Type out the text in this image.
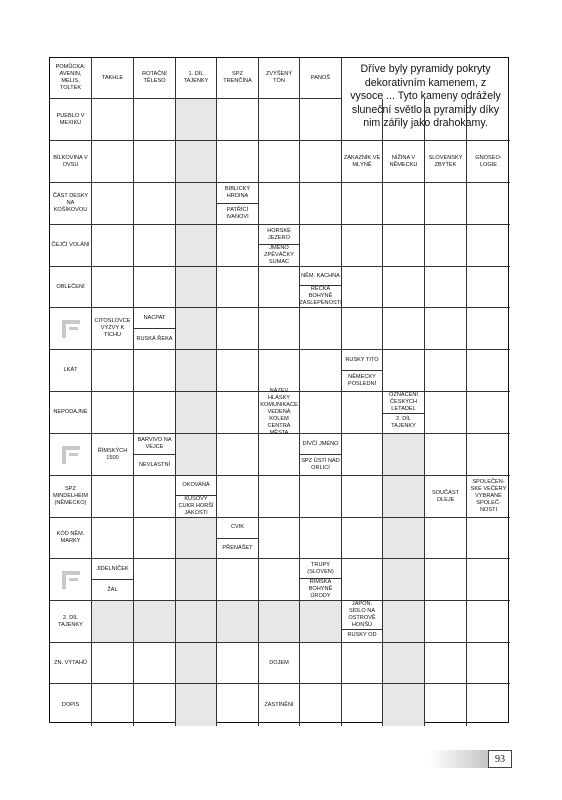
POMŮCKA: AVENIN, MELIS, TOLTEK
TAKHLE
ROTAČNÍ TĚLESO
1. DÍL TAJENKY
SPZ TRENČÍNA
ZVÝŠENÝ TÓN
PANOŠ
PUEBLO V MEXIKU
BÍLKOVINA V OVSU
ZÁKAZNÍK VE MLÝNĚ
NÍŽINA V NĚMECKU
SLOVENSKÝ ZBYTEK
GNOSEO-LOGIE
ČÁST DESKY NA KOŠÍKOVOU
BIBLICKÝ HRDINA
PATŘÍCÍ IVANOVI
ČEJČÍ VOLÁNÍ
HORSKÉ JEZERO
JMÉNO ZPĚVÁČKY SUMAC
OBLEČENÍ
NĚM. KACHNA
ŘECKÁ BOHYNĚ ZASLEPENOSTI
CITOSLOVCE VÝZVY K TICHU
NACPAT
RUSKÁ ŘEKA
LKÁT
RUSKY TITO
NĚMECKY POSLEDNÍ
NEPODAJNÉ
NÁZEV HLÁSKY KOMUNIKACE VEDENÁ KOLEM CENTRA MĚSTA
OZNAČENÍ ČESKÝCH LETADEL
2. DÍL TAJENKY
ŘÍMSKÝCH 1500
BARVIVO NA VEJCE
NEVLASTNÍ
DÍVČÍ JMÉNO
SPZ ÚSTÍ NAD ORLICÍ
SPZ MINDELHEIM (NĚMECKO)
OKOVANÁ
KUSOVÝ CUKR HORŠÍ JAKOSTI
SOUČÁST OLEJE
SPOLEČEN-SKÉ VEČERY VYBRANÉ SPOLEČ-NOSTI
KÓD NĚM. MARKY
CVIK
PŘENÁŠET
JÍDELNÍČEK
ŽAL
TRUPY (SLOVEN)
ŘÍMSKÁ BOHYNĚ ÚRODY
2. DÍL TAJENKY
JAPON. SÍDLO NA OSTROVĚ HONŠÚ
RUSKY OD
ZN. VÝTAHŮ	DOJEM
DOPIS	ZASTÍNĚNÍ
Dříve byly pyramidy pokryty dekorativním kamenem, z vysoce ... Tyto kameny odrážely sluneční světlo a pyramidy díky nim zářily jako drahokamy.
93
